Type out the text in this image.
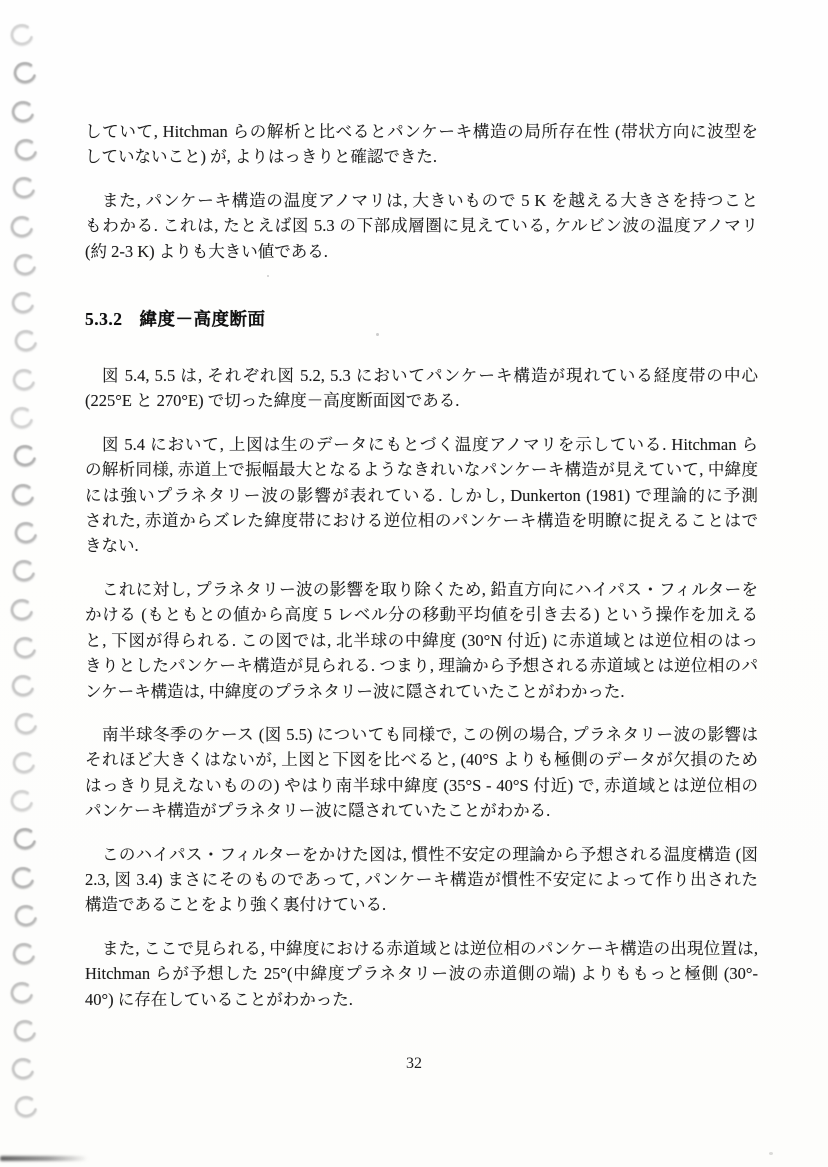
していて, Hitchman らの解析と比べるとパンケーキ構造の局所存在性 (帯状方向に波型を
していないこと) が, よりはっきりと確認できた.

また, パンケーキ構造の温度アノマリは, 大きいもので 5 K を越える大きさを持つこと
もわかる. これは, たとえば図 5.3 の下部成層圏に見えている, ケルビン波の温度アノマリ
(約 2-3 K) よりも大きい値である.

5.3.2 緯度－高度断面

図 5.4, 5.5 は, それぞれ図 5.2, 5.3 においてパンケーキ構造が現れている経度帯の中心
(225°E と 270°E) で切った緯度－高度断面図である.

図 5.4 において, 上図は生のデータにもとづく温度アノマリを示している. Hitchman ら
の解析同様, 赤道上で振幅最大となるようなきれいなパンケーキ構造が見えていて, 中緯度
には強いプラネタリー波の影響が表れている. しかし, Dunkerton (1981) で理論的に予測
された, 赤道からズレた緯度帯における逆位相のパンケーキ構造を明瞭に捉えることはで
きない.

これに対し, プラネタリー波の影響を取り除くため, 鉛直方向にハイパス・フィルターを
かける (もともとの値から高度 5 レベル分の移動平均値を引き去る) という操作を加える
と, 下図が得られる. この図では, 北半球の中緯度 (30°N 付近) に赤道域とは逆位相のはっ
きりとしたパンケーキ構造が見られる. つまり, 理論から予想される赤道域とは逆位相のパ
ンケーキ構造は, 中緯度のプラネタリー波に隠されていたことがわかった.

南半球冬季のケース (図 5.5) についても同様で, この例の場合, プラネタリー波の影響は
それほど大きくはないが, 上図と下図を比べると, (40°S よりも極側のデータが欠損のため
はっきり見えないものの) やはり南半球中緯度 (35°S - 40°S 付近) で, 赤道域とは逆位相の
パンケーキ構造がプラネタリー波に隠されていたことがわかる.

このハイパス・フィルターをかけた図は, 慣性不安定の理論から予想される温度構造 (図
2.3, 図 3.4) まさにそのものであって, パンケーキ構造が慣性不安定によって作り出された
構造であることをより強く裏付けている.

また, ここで見られる, 中緯度における赤道域とは逆位相のパンケーキ構造の出現位置は,
Hitchman らが予想した 25°(中緯度プラネタリー波の赤道側の端) よりももっと極側 (30°-
40°) に存在していることがわかった.

32
